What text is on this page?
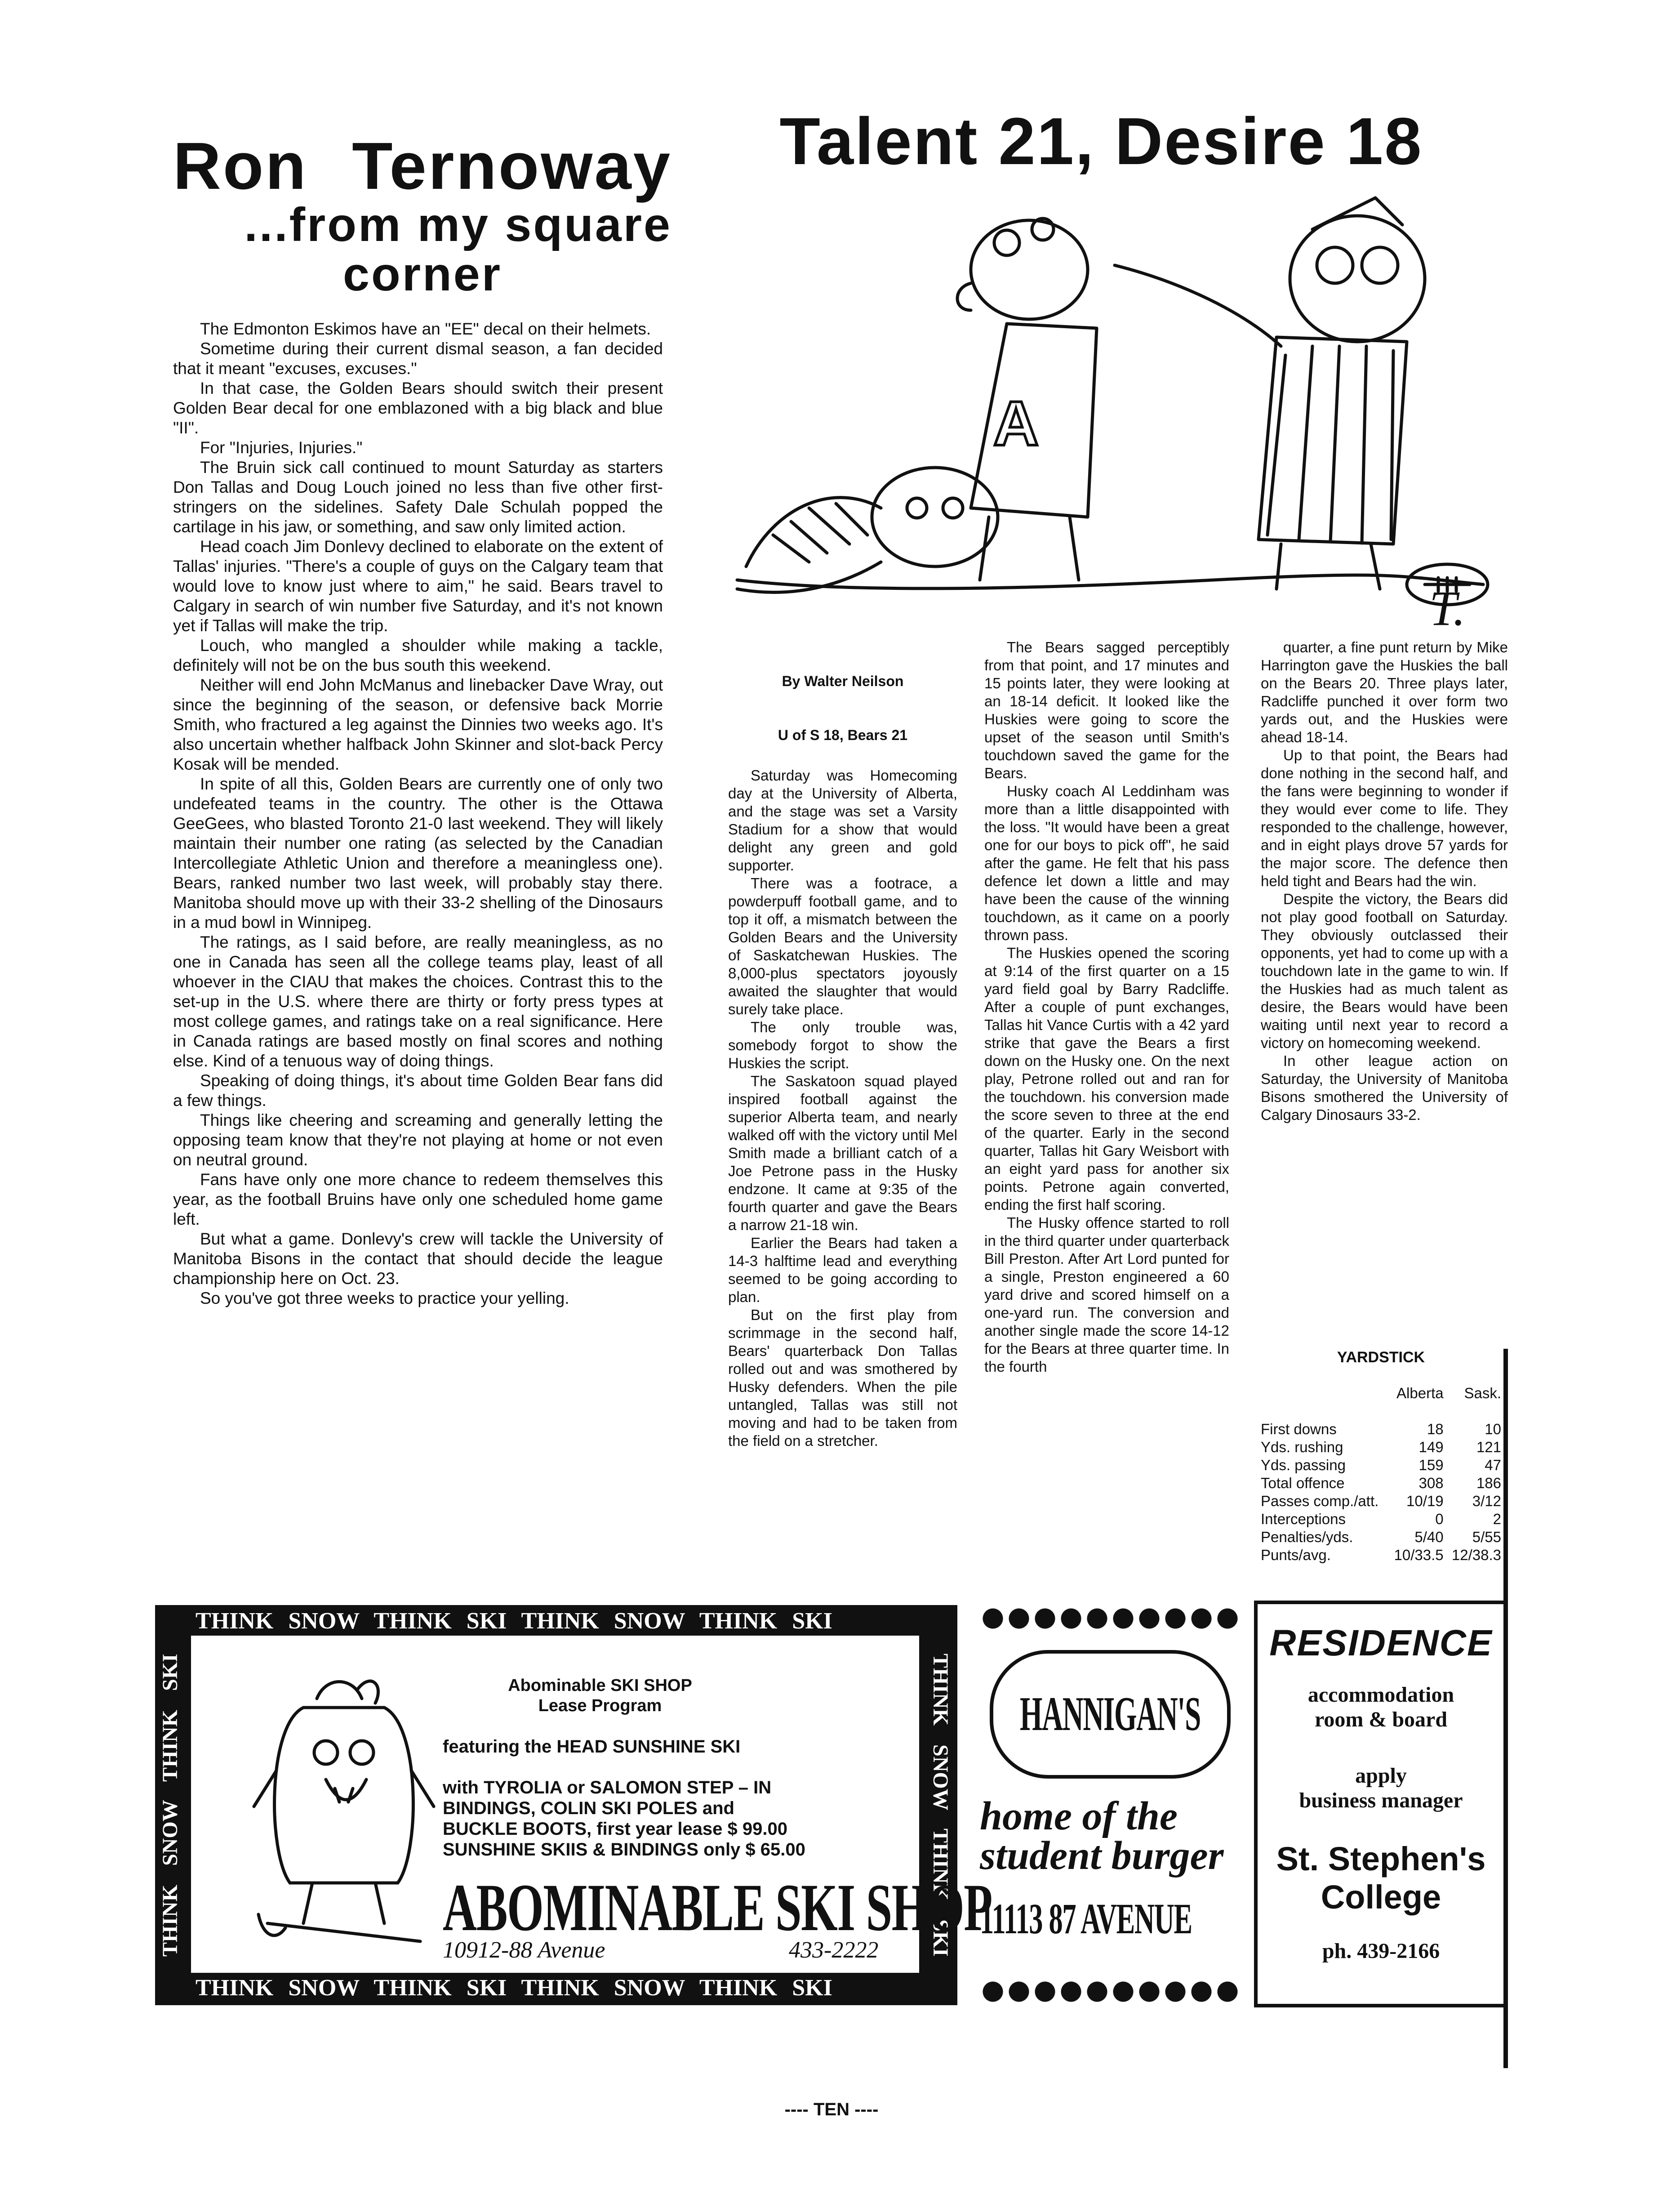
Ron Ternoway
...from my square
corner

The Edmonton Eskimos have an "EE" decal on their helmets.

Sometime during their current dismal season, a fan decided that it meant "excuses, excuses."

In that case, the Golden Bears should switch their present Golden Bear decal for one emblazoned with a big black and blue "II".

For "Injuries, Injuries."

The Bruin sick call continued to mount Saturday as starters Don Tallas and Doug Louch joined no less than five other first-stringers on the sidelines. Safety Dale Schulah popped the cartilage in his jaw, or something, and saw only limited action.

Head coach Jim Donlevy declined to elaborate on the extent of Tallas' injuries. "There's a couple of guys on the Calgary team that would love to know just where to aim," he said. Bears travel to Calgary in search of win number five Saturday, and it's not known yet if Tallas will make the trip.

Louch, who mangled a shoulder while making a tackle, definitely will not be on the bus south this weekend.

Neither will end John McManus and linebacker Dave Wray, out since the beginning of the season, or defensive back Morrie Smith, who fractured a leg against the Dinnies two weeks ago. It's also uncertain whether halfback John Skinner and slot-back Percy Kosak will be mended.

In spite of all this, Golden Bears are currently one of only two undefeated teams in the country. The other is the Ottawa GeeGees, who blasted Toronto 21-0 last weekend. They will likely maintain their number one rating (as selected by the Canadian Intercollegiate Athletic Union and therefore a meaningless one). Bears, ranked number two last week, will probably stay there. Manitoba should move up with their 33-2 shelling of the Dinosaurs in a mud bowl in Winnipeg.

The ratings, as I said before, are really meaningless, as no one in Canada has seen all the college teams play, least of all whoever in the CIAU that makes the choices. Contrast this to the set-up in the U.S. where there are thirty or forty press types at most college games, and ratings take on a real significance. Here in Canada ratings are based mostly on final scores and nothing else. Kind of a tenuous way of doing things.

Speaking of doing things, it's about time Golden Bear fans did a few things.

Things like cheering and screaming and generally letting the opposing team know that they're not playing at home or not even on neutral ground.

Fans have only one more chance to redeem themselves this year, as the football Bruins have only one scheduled home game left.

But what a game. Donlevy's crew will tackle the University of Manitoba Bisons in the contact that should decide the league championship here on Oct. 23.

So you've got three weeks to practice your yelling.

Talent 21, Desire 18
A
T.
By Walter Neilson
U of S 18, Bears 21

Saturday was Homecoming day at the University of Alberta, and the stage was set a Varsity Stadium for a show that would delight any green and gold supporter.

There was a footrace, a powderpuff football game, and to top it off, a mismatch between the Golden Bears and the University of Saskatchewan Huskies. The 8,000-plus spectators joyously awaited the slaughter that would surely take place.

The only trouble was, somebody forgot to show the Huskies the script.

The Saskatoon squad played inspired football against the superior Alberta team, and nearly walked off with the victory until Mel Smith made a brilliant catch of a Joe Petrone pass in the Husky endzone. It came at 9:35 of the fourth quarter and gave the Bears a narrow 21-18 win.

Earlier the Bears had taken a 14-3 halftime lead and everything seemed to be going according to plan.

But on the first play from scrimmage in the second half, Bears' quarterback Don Tallas rolled out and was smothered by Husky defenders. When the pile untangled, Tallas was still not moving and had to be taken from the field on a stretcher.

The Bears sagged perceptibly from that point, and 17 minutes and 15 points later, they were looking at an 18-14 deficit. It looked like the Huskies were going to score the upset of the season until Smith's touchdown saved the game for the Bears.

Husky coach Al Leddinham was more than a little disappointed with the loss. "It would have been a great one for our boys to pick off", he said after the game. He felt that his pass defence let down a little and may have been the cause of the winning touchdown, as it came on a poorly thrown pass.

The Huskies opened the scoring at 9:14 of the first quarter on a 15 yard field goal by Barry Radcliffe. After a couple of punt exchanges, Tallas hit Vance Curtis with a 42 yard strike that gave the Bears a first down on the Husky one. On the next play, Petrone rolled out and ran for the touchdown. his conversion made the score seven to three at the end of the quarter. Early in the second quarter, Tallas hit Gary Weisbort with an eight yard pass for another six points. Petrone again converted, ending the first half scoring.

The Husky offence started to roll in the third quarter under quarterback Bill Preston. After Art Lord punted for a single, Preston engineered a 60 yard drive and scored himself on a one-yard run. The conversion and another single made the score 14-12 for the Bears at three quarter time. In the fourth

quarter, a fine punt return by Mike Harrington gave the Huskies the ball on the Bears 20. Three plays later, Radcliffe punched it over form two yards out, and the Huskies were ahead 18-14.

Up to that point, the Bears had done nothing in the second half, and the fans were beginning to wonder if they would ever come to life. They responded to the challenge, however, and in eight plays drove 57 yards for the major score. The defence then held tight and Bears had the win.

Despite the victory, the Bears did not play good football on Saturday. They obviously outclassed their opponents, yet had to come up with a touchdown late in the game to win. If the Huskies had as much talent as desire, the Bears would have been waiting until next year to record a victory on homecoming weekend.

In other league action on Saturday, the University of Manitoba Bisons smothered the University of Calgary Dinosaurs 33-2.

YARDSTICK
	Alberta	Sask.

First downs	18	10
Yds. rushing	149	121
Yds. passing	159	47
Total offence	308	186
Passes comp./att.	10/19	3/12
Interceptions	0	2
Penalties/yds.	5/40	5/55
Punts/avg.	10/33.5	12/38.3
THINK SNOW THINK SKI THINK SNOW THINK SKI
THINK SNOW THINK SKI THINK SNOW THINK SKI
THINK SNOW THINK SKI
THINK SNOW THINK SKI	Abominable SKI SHOP
Lease Program
featuring the HEAD SUNSHINE SKI
with TYROLIA or SALOMON STEP – IN
BINDINGS, COLIN SKI POLES and
BUCKLE BOOTS, first year lease $ 99.00
SUNSHINE SKIIS & BINDINGS only $ 65.00
ABOMINABLE SKI SHOP
10912-88 Avenue	433-2222
HANNIGAN'S
home of the student burger
11113 87 AVENUE
RESIDENCE
accommodation
room & board
apply
business manager
St. Stephen's
College
ph. 439-2166
---- TEN ----
